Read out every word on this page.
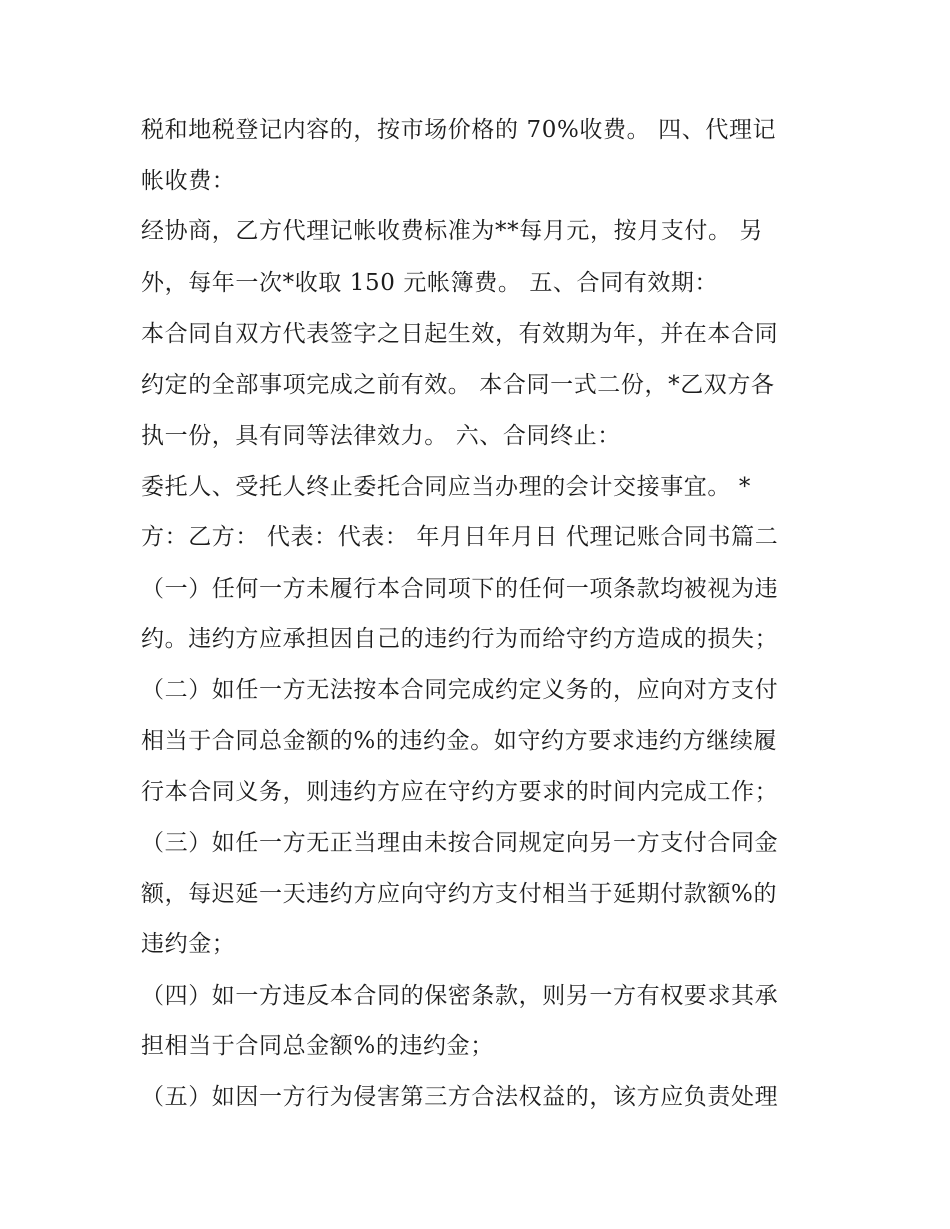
税和地税登记内容的，按市场价格的 70%收费。 四、代理记
帐收费：
经协商，乙方代理记帐收费标准为**每月元，按月支付。 另
外，每年一次*收取 150 元帐簿费。 五、合同有效期：
本合同自双方代表签字之日起生效，有效期为年，并在本合同
约定的全部事项完成之前有效。 本合同一式二份，*乙双方各
执一份，具有同等法律效力。 六、合同终止：
委托人、受托人终止委托合同应当办理的会计交接事宜。 *
方：乙方： 代表：代表： 年月日年月日 代理记账合同书篇二
（一）任何一方未履行本合同项下的任何一项条款均被视为违
约。违约方应承担因自己的违约行为而给守约方造成的损失；
（二）如任一方无法按本合同完成约定义务的，应向对方支付
相当于合同总金额的%的违约金。如守约方要求违约方继续履
行本合同义务，则违约方应在守约方要求的时间内完成工作；
（三）如任一方无正当理由未按合同规定向另一方支付合同金
额，每迟延一天违约方应向守约方支付相当于延期付款额%的
违约金；
（四）如一方违反本合同的保密条款，则另一方有权要求其承
担相当于合同总金额%的违约金；
（五）如因一方行为侵害第三方合法权益的，该方应负责处理
